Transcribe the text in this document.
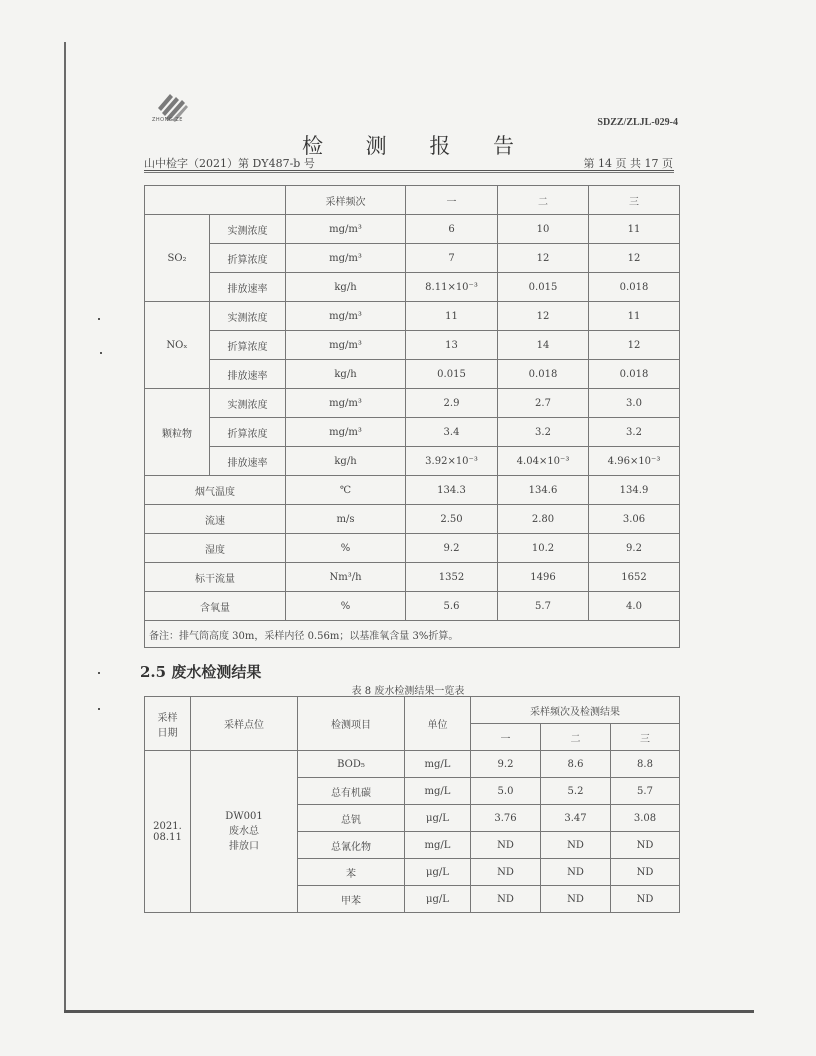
ZHONG ZE	SDZZ/ZLJL-029-4
检 测 报 告
山中检字（2021）第 DY487-b 号	第 14 页 共 17 页
		采样频次	一	二	三
SO₂	实测浓度	mg/m³	6	10	11
	折算浓度	mg/m³	7	12	12
	排放速率	kg/h	8.11×10⁻³	0.015	0.018
NOₓ	实测浓度	mg/m³	11	12	11
	折算浓度	mg/m³	13	14	12
	排放速率	kg/h	0.015	0.018	0.018
颗粒物	实测浓度	mg/m³	2.9	2.7	3.0
	折算浓度	mg/m³	3.4	3.2	3.2
	排放速率	kg/h	3.92×10⁻³	4.04×10⁻³	4.96×10⁻³
烟气温度		℃	134.3	134.6	134.9
流速		m/s	2.50	2.80	3.06
湿度		%	9.2	10.2	9.2
标干流量		Nm³/h	1352	1496	1652
含氧量		%	5.6	5.7	4.0
备注：排气筒高度 30m，采样内径 0.56m；以基准氧含量 3%折算。					
2.5 废水检测结果
表 8 废水检测结果一览表
采样
日期	采样点位	检测项目	单位	采样频次及检测结果		
				一	二	三
2021.
08.11	DW001
废水总
排放口	BOD₅	mg/L	9.2	8.6	8.8
		总有机碳	mg/L	5.0	5.2	5.7
		总钒	μg/L	3.76	3.47	3.08
		总氰化物	mg/L	ND	ND	ND
		苯	μg/L	ND	ND	ND
		甲苯	μg/L	ND	ND	ND
